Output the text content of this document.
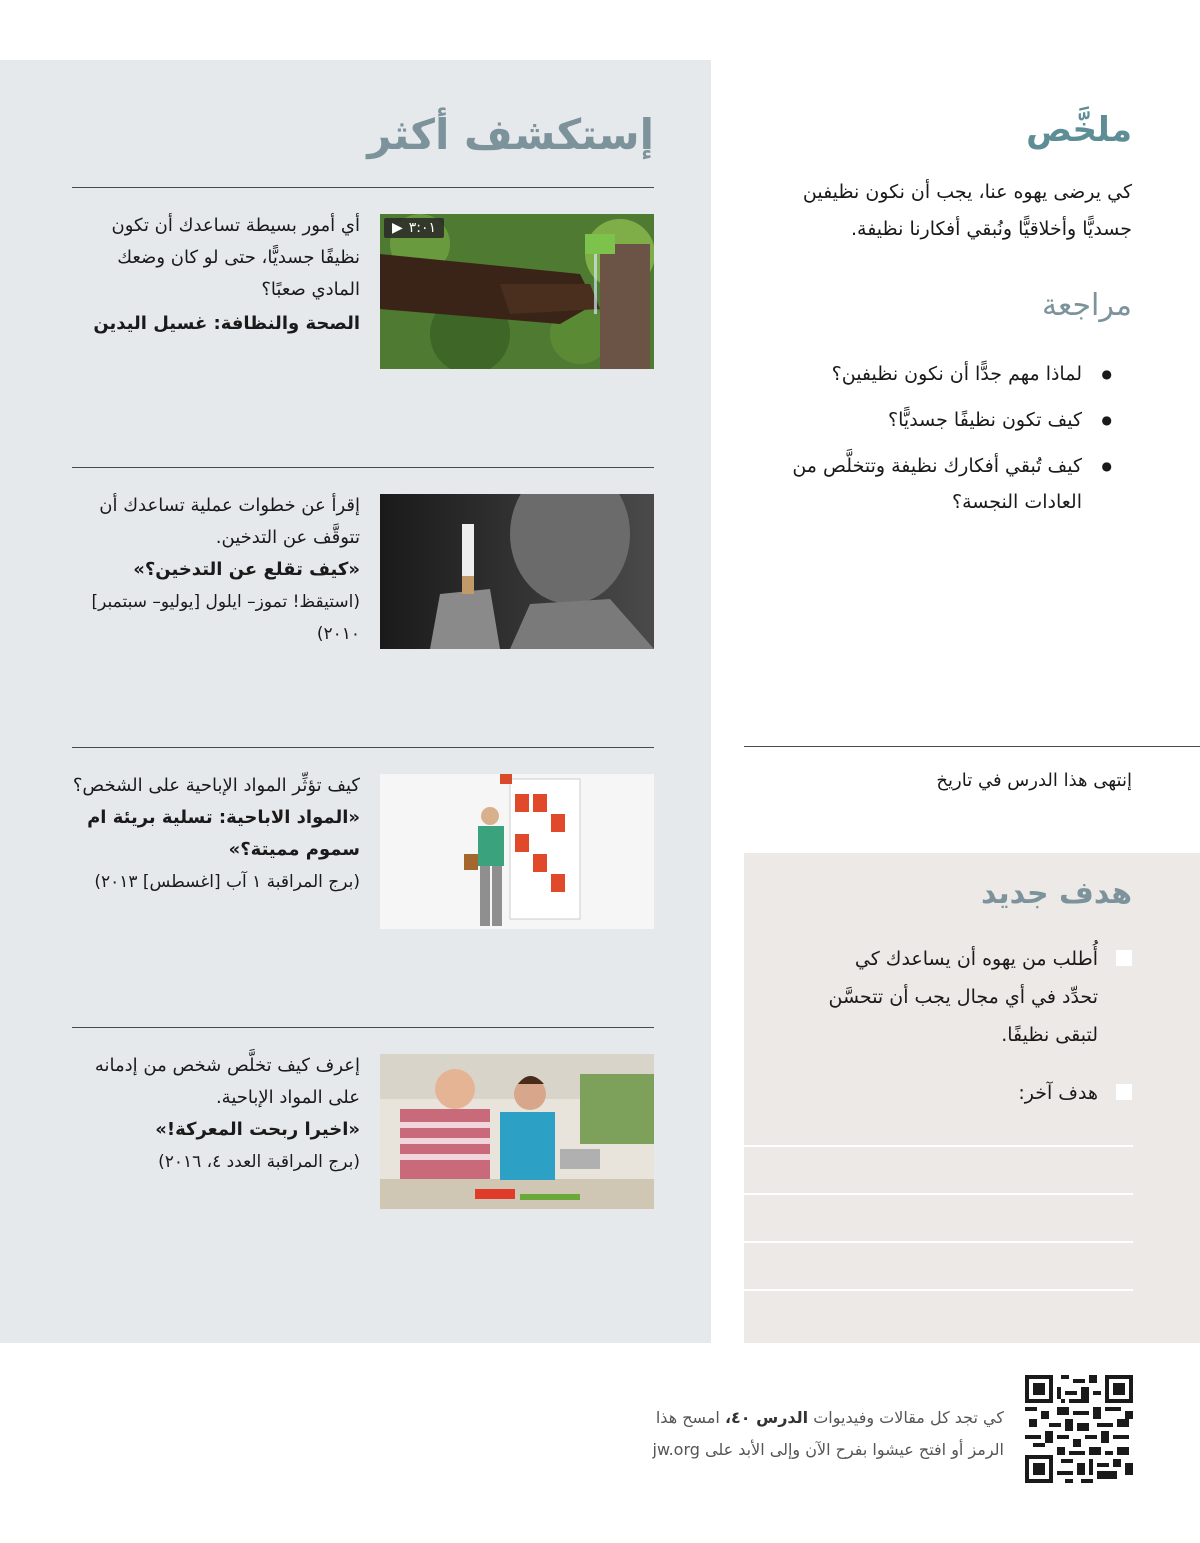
إستكشف أكثر
▶ ٣:٠١
أي أمور بسيطة تساعدك أن تكون نظيفًا جسديًّا، حتى لو كان وضعك المادي صعبًا؟
الصحة والنظافة: غسيل اليدين
إقرأ عن خطوات عملية تساعدك أن تتوقَّف عن التدخين.
«كيف تقلع عن التدخين؟»
(استيقظ! تموز– ايلول [يوليو– سبتمبر] ٢٠١٠)
كيف تؤثِّر المواد الإباحية على الشخص؟
«المواد الاباحية: تسلية بريئة ام سموم مميتة؟»
(برج المراقبة ١ آب [اغسطس] ٢٠١٣)
إعرف كيف تخلَّص شخص من إدمانه على المواد الإباحية.
«اخيرا ربحت المعركة!»
(برج المراقبة العدد ٤، ٢٠١٦)
ملخَّص
كي يرضى يهوه عنا، يجب أن نكون نظيفين جسديًّا وأخلاقيًّا ونُبقي أفكارنا نظيفة.
مراجعة
● لماذا مهم جدًّا أن نكون نظيفين؟
● كيف تكون نظيفًا جسديًّا؟
● كيف تُبقي أفكارك نظيفة وتتخلَّص من العادات النجسة؟
إنتهى هذا الدرس في تاريخ
هدف جديد
أُطلب من يهوه أن يساعدك كي تحدِّد في أي مجال يجب أن تتحسَّن لتبقى نظيفًا.
هدف آخر:
كي تجد كل مقالات وفيديوات الدرس ٤٠، امسح هذا الرمز أو افتح عيشوا بفرح الآن وإلى الأبد على jw.org
